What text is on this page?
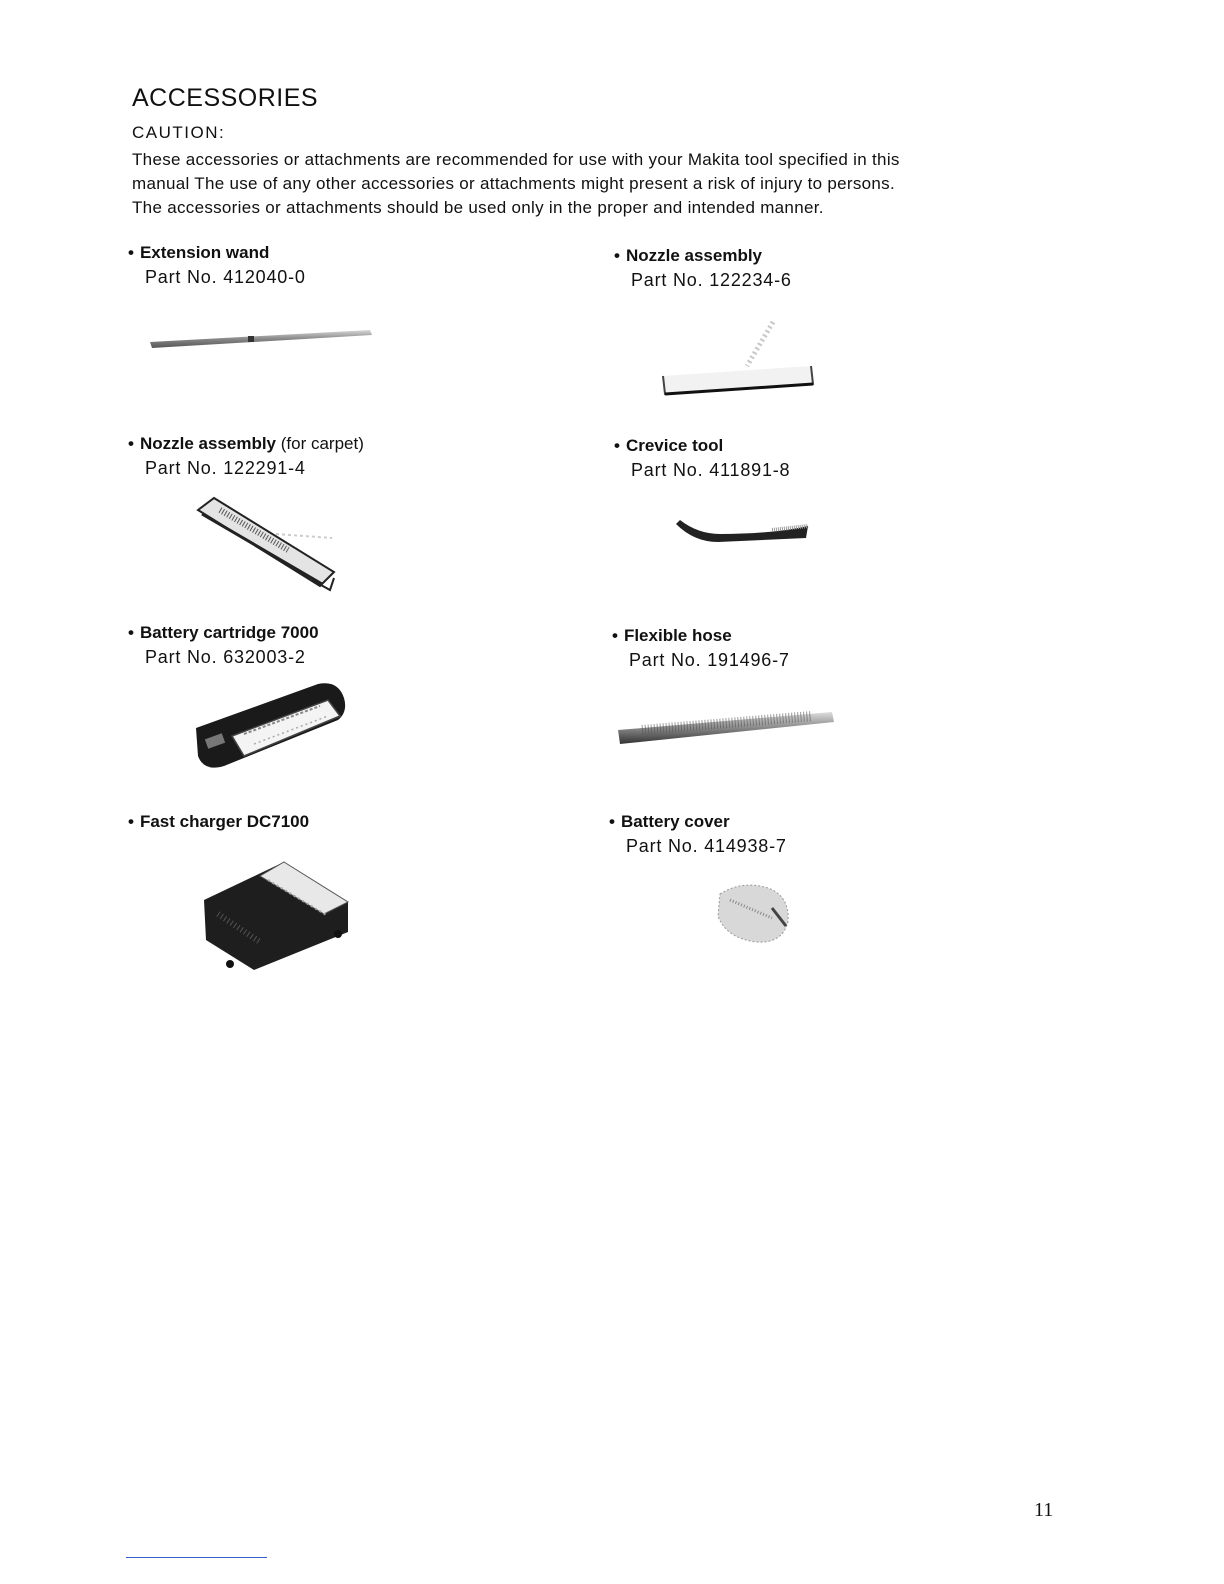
ACCESSORIES
CAUTION:
These accessories or attachments are recommended for use with your Makita tool specified in this
manual The use of any other accessories or attachments might present a risk of injury to persons.
The accessories or attachments should be used only in the proper and intended manner.
• Extension wand
Part No. 412040-0
• Nozzle assembly
Part No. 122234-6
• Nozzle assembly (for carpet)
Part No. 122291-4
• Crevice tool
Part No. 411891-8
• Battery cartridge 7000
Part No. 632003-2
• Flexible hose
Part No. 191496-7
• Fast charger DC7100	• Battery cover
Part No. 414938-7
11
